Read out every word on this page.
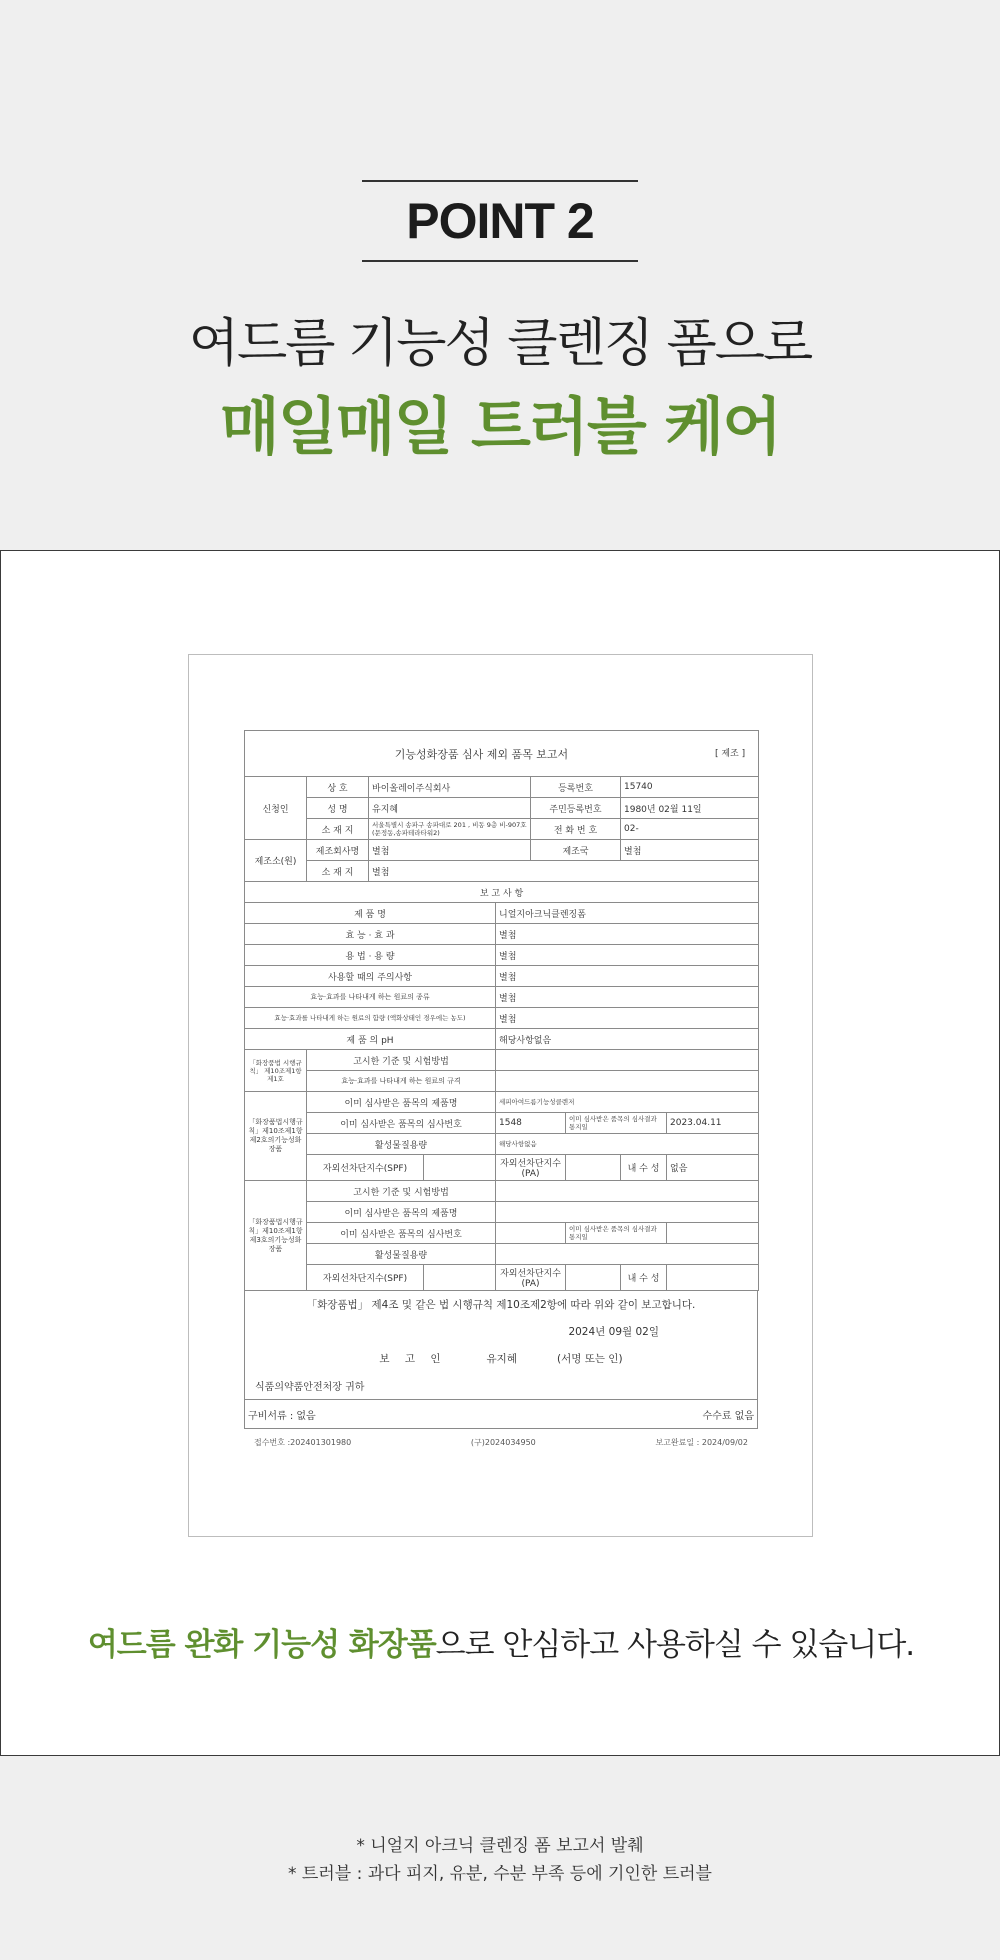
POINT 2
여드름 기능성 클렌징 폼으로
매일매일 트러블 케어
[ 제조 ]
기능성화장품 심사 제외 품목 보고서								

신청인	상 호	바이올레이주식회사			등록번호		15740	
	성 명	유지혜			주민등록번호		1980년 02월 11일	
	소 재 지	서울특별시 송파구 송파대로 201 , 비동 9층 비-907호(문정동,송파테라타워2)			전 화 번 호		02-	
제조소(원)	제조회사명	별첨			제조국		별첨	
	소 재 지	별첨						
보 고 사 항								
제 품 명				니얼지아크닉클렌징폼				
효 능 · 효 과				별첨				
용 법 · 용 량				별첨				
사용할 때의 주의사항				별첨				
효능·효과를 나타내게 하는 원료의 종류				별첨				
효능·효과를 나타내게 하는 원료의 함량 (액화상태인 경우에는 농도)				별첨				
제 품 의 pH				해당사항없음				
「화장품법 시행규칙」 제10조제1항제1호	고시한 기준 및 시험방법							
	효능·효과를 나타내게 하는 원료의 규격							
「화장품법시행규칙」제10조제1항제2호의기능성화장품	이미 심사받은 품목의 제품명			세피아여드름기능성클렌저				
	이미 심사받은 품목의 심사번호			1548		이미 심사받은 품목의 심사결과 통지일		2023.04.11
	활성물질용량			해당사항없음				
	자외선차단지수(SPF)			자외선차단지수(PA)			내 수 성	없음
「화장품법시행규칙」제10조제1항제3호의기능성화장품	고시한 기준 및 시험방법							
	이미 심사받은 품목의 제품명							
	이미 심사받은 품목의 심사번호					이미 심사받은 품목의 심사결과 통지일		
	활성물질용량							
	자외선차단지수(SPF)			자외선차단지수(PA)			내 수 성	
「화장품법」 제4조 및 같은 법 시행규칙 제10조제2항에 따라 위와 같이 보고합니다.
2024년 09월 02일
보 고 인	유지혜	(서명 또는 인)
식품의약품안전처장 귀하
구비서류 : 없음	수수료 없음
접수번호 :202401301980	(구)2024034950	보고완료일 : 2024/09/02
여드름 완화 기능성 화장품으로 안심하고 사용하실 수 있습니다.
* 니얼지 아크닉 클렌징 폼 보고서 발췌
* 트러블 : 과다 피지, 유분, 수분 부족 등에 기인한 트러블
